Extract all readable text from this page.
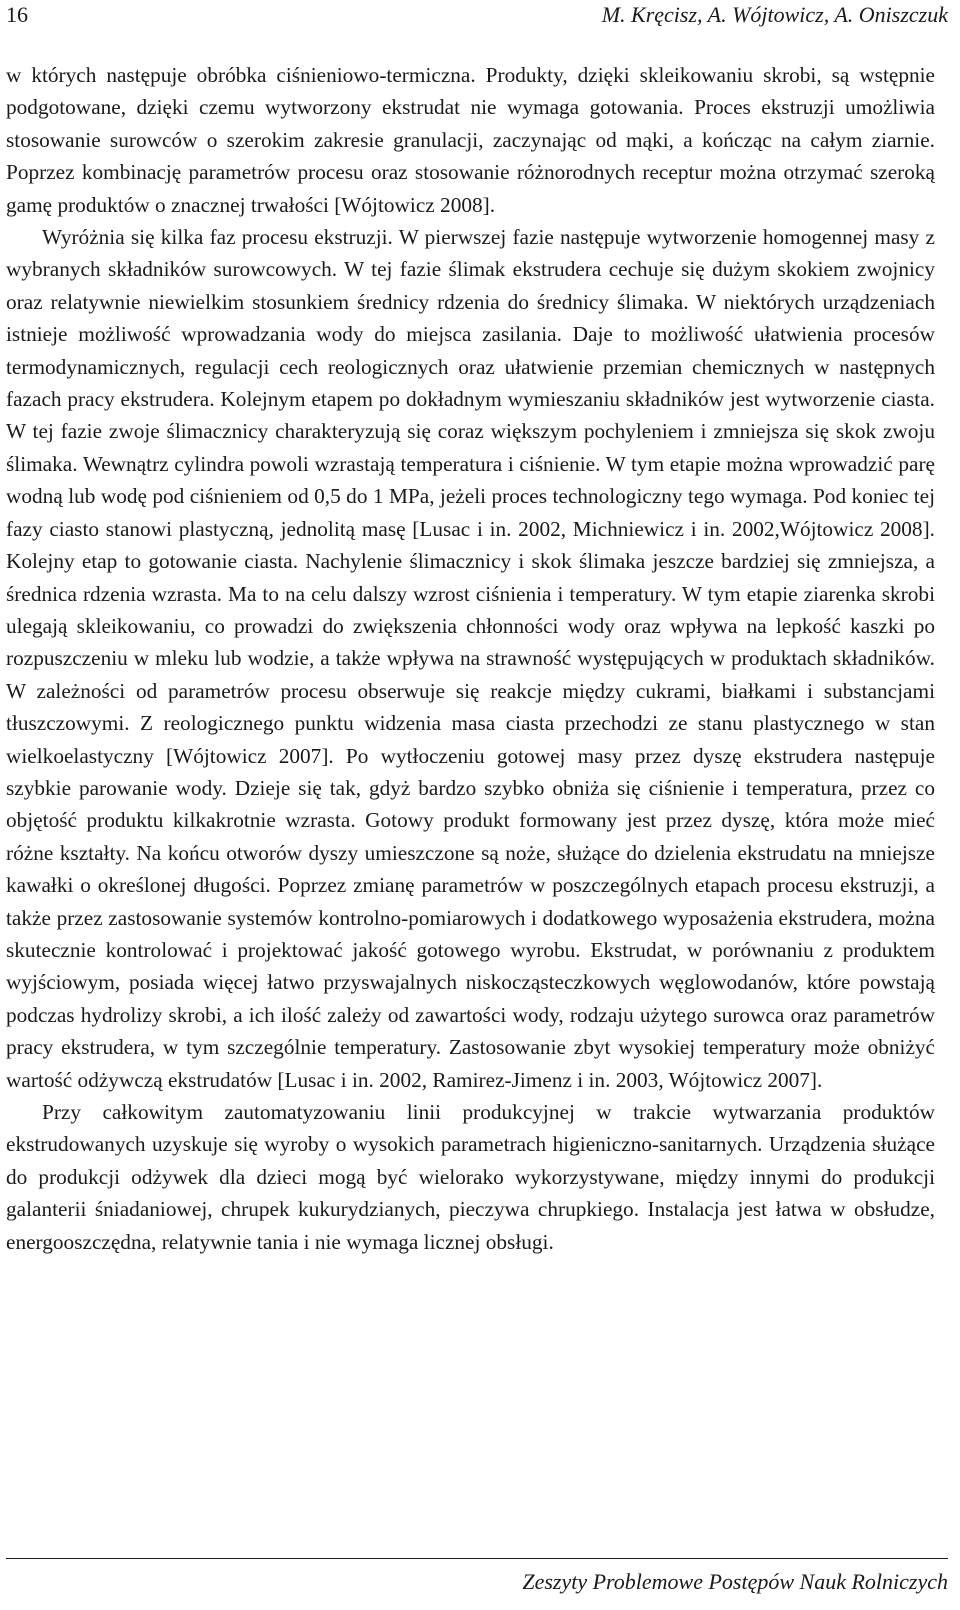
16	M. Kręcisz, A. Wójtowicz, A. Oniszczuk

w których następuje obróbka ciśnieniowo-termiczna. Produkty, dzięki skleikowaniu skrobi, są wstępnie podgotowane, dzięki czemu wytworzony ekstrudat nie wymaga gotowania. Proces ekstruzji umożliwia stosowanie surowców o szerokim zakresie granulacji, zaczynając od mąki, a kończąc na całym ziarnie. Poprzez kombinację parametrów procesu oraz stosowanie różnorodnych receptur można otrzymać szeroką gamę produktów o znacznej trwałości [Wójtowicz 2008].

Wyróżnia się kilka faz procesu ekstruzji. W pierwszej fazie następuje wytworzenie homogennej masy z wybranych składników surowcowych. W tej fazie ślimak ekstrudera cechuje się dużym skokiem zwojnicy oraz relatywnie niewielkim stosunkiem średnicy rdzenia do średnicy ślimaka. W niektórych urządzeniach istnieje możliwość wprowadzania wody do miejsca zasilania. Daje to możliwość ułatwienia procesów termodynamicznych, regulacji cech reologicznych oraz ułatwienie przemian chemicznych w następnych fazach pracy ekstrudera. Kolejnym etapem po dokładnym wymieszaniu składników jest wytworzenie ciasta. W tej fazie zwoje ślimacznicy charakteryzują się coraz większym pochyleniem i zmniejsza się skok zwoju ślimaka. Wewnątrz cylindra powoli wzrastają temperatura i ciśnienie. W tym etapie można wprowadzić parę wodną lub wodę pod ciśnieniem od 0,5 do 1 MPa, jeżeli proces technologiczny tego wymaga. Pod koniec tej fazy ciasto stanowi plastyczną, jednolitą masę [Lusac i in. 2002, Michniewicz i in. 2002,Wójtowicz 2008]. Kolejny etap to gotowanie ciasta. Nachylenie ślimacznicy i skok ślimaka jeszcze bardziej się zmniejsza, a średnica rdzenia wzrasta. Ma to na celu dalszy wzrost ciśnienia i temperatury. W tym etapie ziarenka skrobi ulegają skleikowaniu, co prowadzi do zwiększenia chłonności wody oraz wpływa na lepkość kaszki po rozpuszczeniu w mleku lub wodzie, a także wpływa na strawność występujących w produktach składników. W zależności od parametrów procesu obserwuje się reakcje między cukrami, białkami i substancjami tłuszczowymi. Z reologicznego punktu widzenia masa ciasta przechodzi ze stanu plastycznego w stan wielkoelastyczny [Wójtowicz 2007]. Po wytłoczeniu gotowej masy przez dyszę ekstrudera następuje szybkie parowanie wody. Dzieje się tak, gdyż bardzo szybko obniża się ciśnienie i temperatura, przez co objętość produktu kilkakrotnie wzrasta. Gotowy produkt formowany jest przez dyszę, która może mieć różne kształty. Na końcu otworów dyszy umieszczone są noże, służące do dzielenia ekstrudatu na mniejsze kawałki o określonej długości. Poprzez zmianę parametrów w poszczególnych etapach procesu ekstruzji, a także przez zastosowanie systemów kontrolno-pomiarowych i dodatkowego wyposażenia ekstrudera, można skutecznie kontrolować i projektować jakość gotowego wyrobu. Ekstrudat, w porównaniu z produktem wyjściowym, posiada więcej łatwo przyswajalnych niskocząsteczkowych węglowodanów, które powstają podczas hydrolizy skrobi, a ich ilość zależy od zawartości wody, rodzaju użytego surowca oraz parametrów pracy ekstrudera, w tym szczególnie temperatury. Zastosowanie zbyt wysokiej temperatury może obniżyć wartość odżywczą ekstrudatów [Lusac i in. 2002, Ramirez-Jimenz i in. 2003, Wójtowicz 2007].

Przy całkowitym zautomatyzowaniu linii produkcyjnej w trakcie wytwarzania produktów ekstrudowanych uzyskuje się wyroby o wysokich parametrach higieniczno-sanitarnych. Urządzenia służące do produkcji odżywek dla dzieci mogą być wielorako wykorzystywane, między innymi do produkcji galanterii śniadaniowej, chrupek kukurydzianych, pieczywa chrupkiego. Instalacja jest łatwa w obsłudze, energooszczędna, relatywnie tania i nie wymaga licznej obsługi.

Zeszyty Problemowe Postępów Nauk Rolniczych
